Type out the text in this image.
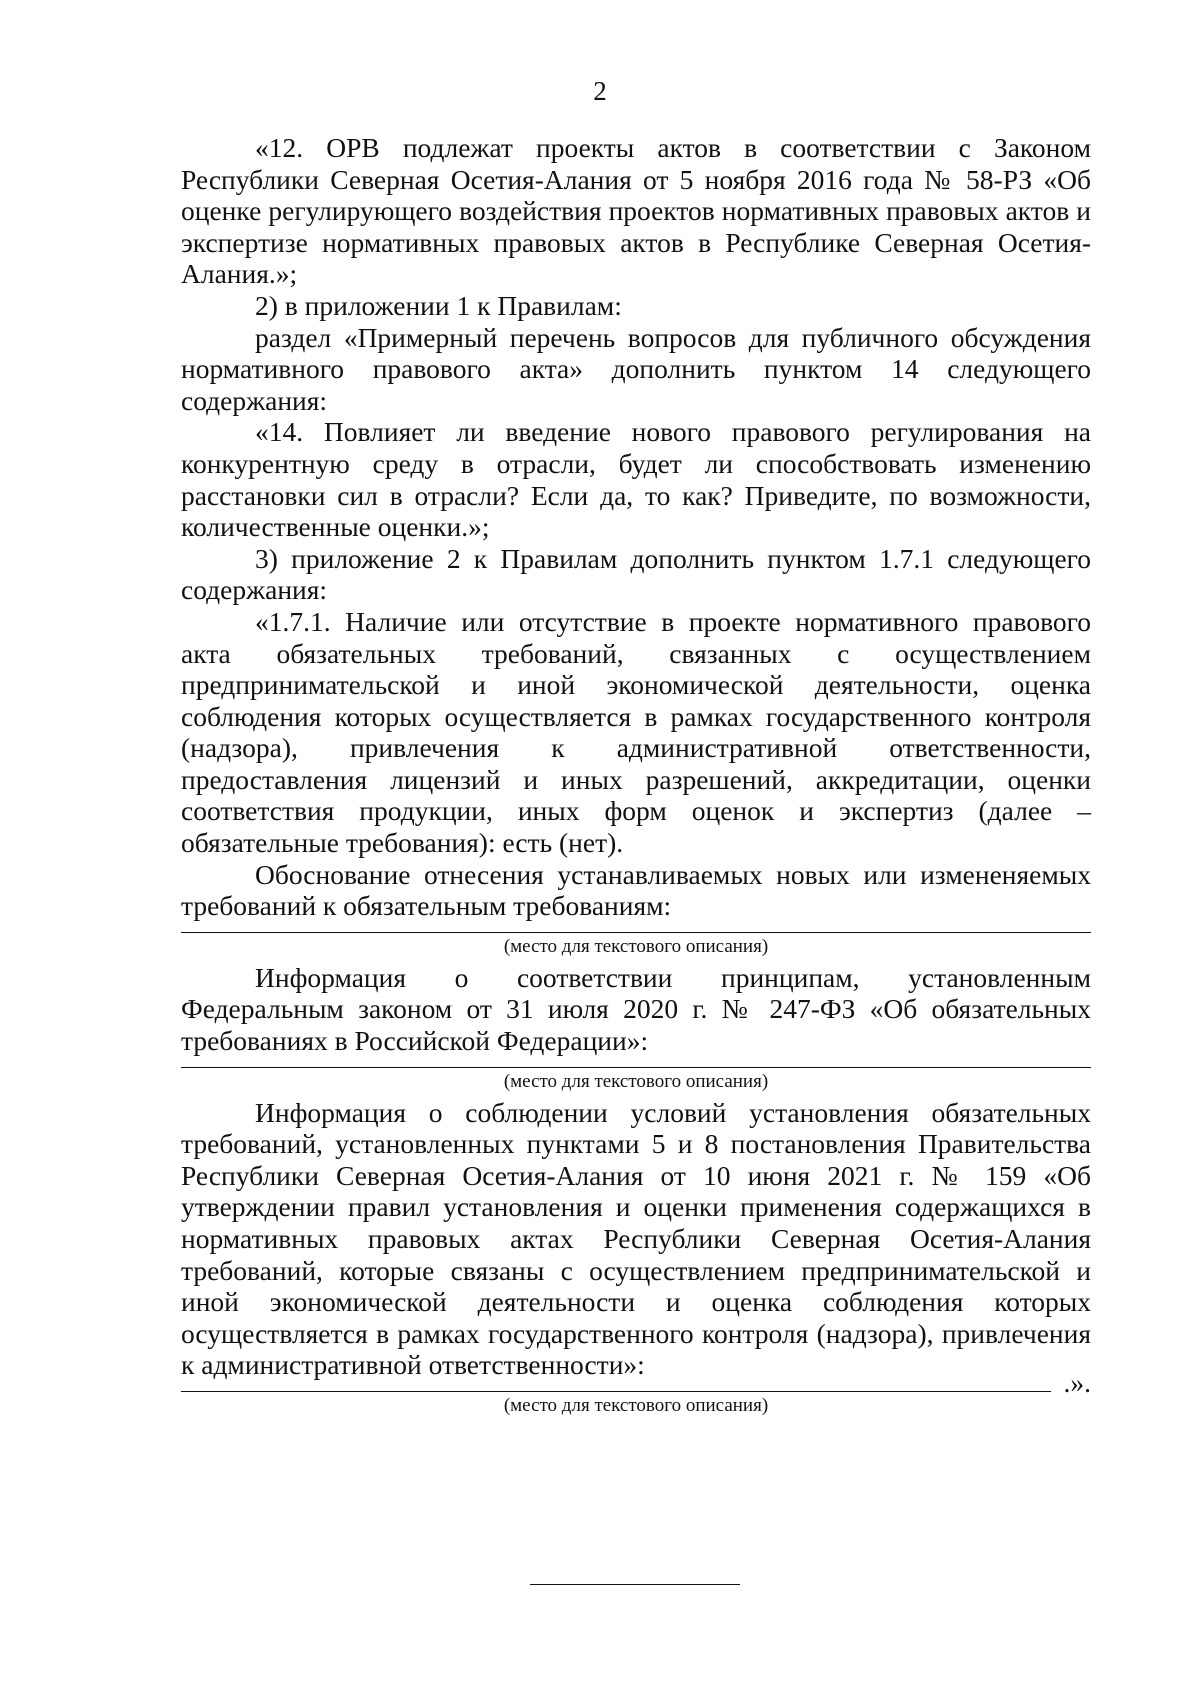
2

«12. ОРВ подлежат проекты актов в соответствии с Законом Республики Северная Осетия-Алания от 5 ноября 2016 года № 58-РЗ «Об оценке регулирующего воздействия проектов нормативных правовых актов и экспертизе нормативных правовых актов в Республике Северная Осетия-Алания.»;

2) в приложении 1 к Правилам:

раздел «Примерный перечень вопросов для публичного обсуждения нормативного правового акта» дополнить пунктом 14 следующего содержания:

«14. Повлияет ли введение нового правового регулирования на конкурентную среду в отрасли, будет ли способствовать изменению расстановки сил в отрасли? Если да, то как? Приведите, по возможности, количественные оценки.»;

3) приложение 2 к Правилам дополнить пунктом 1.7.1 следующего содержания:

«1.7.1. Наличие или отсутствие в проекте нормативного правового акта обязательных требований, связанных с осуществлением предпринимательской и иной экономической деятельности, оценка соблюдения которых осуществляется в рамках государственного контроля (надзора), привлечения к административной ответственности, предоставления лицензий и иных разрешений, аккредитации, оценки соответствия продукции, иных форм оценок и экспертиз (далее – обязательные требования): есть (нет).

Обоснование отнесения устанавливаемых новых или измененяемых требований к обязательным требованиям:

(место для текстового описания)

Информация о соответствии принципам, установленным Федеральным законом от 31 июля 2020 г. № 247-ФЗ «Об обязательных требованиях в Российской Федерации»:

(место для текстового описания)

Информация о соблюдении условий установления обязательных требований, установленных пунктами 5 и 8 постановления Правительства Республики Северная Осетия-Алания от 10 июня 2021 г. № 159 «Об утверждении правил установления и оценки применения содержащихся в нормативных правовых актах Республики Северная Осетия-Алания требований, которые связаны с осуществлением предпринимательской и иной экономической деятельности и оценка соблюдения которых осуществляется в рамках государственного контроля (надзора), привлечения к административной ответственности»:

.».
(место для текстового описания)
